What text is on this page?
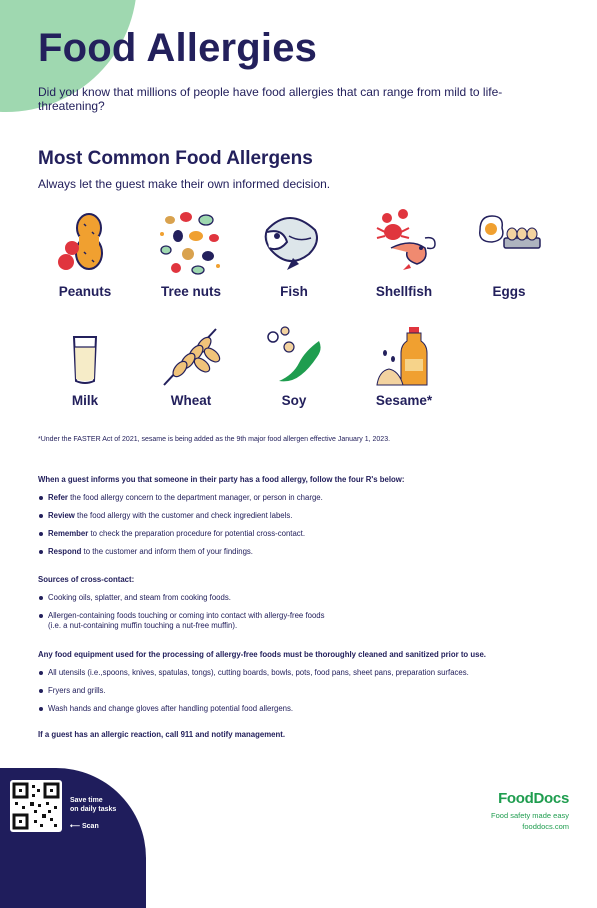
Food Allergies
Did you know that millions of people have food allergies that can range from mild to life-threatening?
Most Common Food Allergens
Always let the guest make their own informed decision.
Peanuts	Tree nuts	Fish	Shellfish	Eggs
Milk	Wheat	Soy	Sesame*
*Under the FASTER Act of 2021, sesame is being added as the 9th major food allergen effective January 1, 2023.
When a guest informs you that someone in their party has a food allergy, follow the four R's below:
Refer the food allergy concern to the department manager, or person in charge.
Review the food allergy with the customer and check ingredient labels.
Remember to check the preparation procedure for potential cross-contact.
Respond to the customer and inform them of your findings.
Sources of cross-contact:
Cooking oils, splatter, and steam from cooking foods.
Allergen-containing foods touching or coming into contact with allergy-free foods
(i.e. a nut-containing muffin touching a nut-free muffin).
Any food equipment used for the processing of allergy-free foods must be thoroughly cleaned and sanitized prior to use.
All utensils (i.e.,spoons, knives, spatulas, tongs), cutting boards, bowls, pots, food pans, sheet pans, preparation surfaces.
Fryers and grills.
Wash hands and change gloves after handling potential food allergens.
If a guest has an allergic reaction, call 911 and notify management.
Save time
on daily tasks
⟵ Scan
FoodDocs
Food safety made easy
fooddocs.com
